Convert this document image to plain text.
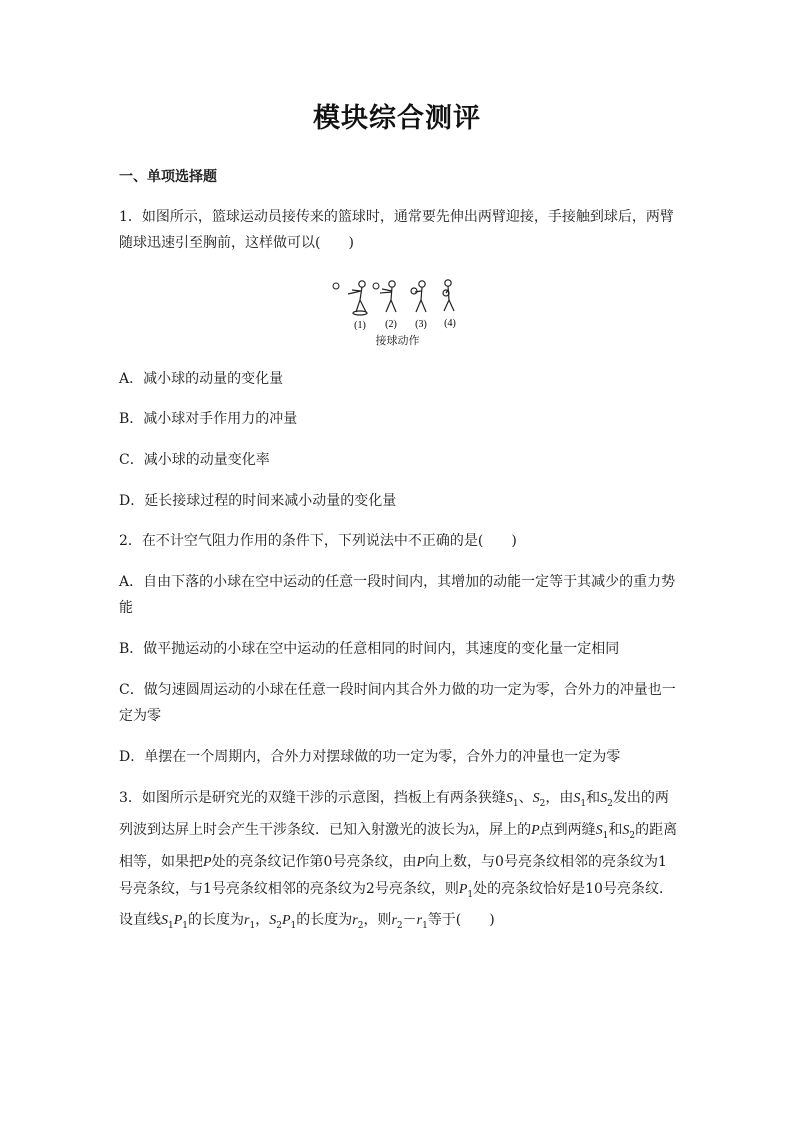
模块综合测评
一、单项选择题
1．如图所示，篮球运动员接传来的篮球时，通常要先伸出两臂迎接，手接触到球后，两臂随球迅速引至胸前，这样做可以(　　)
(1) (2) (3) (4)
接球动作
A．减小球的动量的变化量
B．减小球对手作用力的冲量
C．减小球的动量变化率
D．延长接球过程的时间来减小动量的变化量
2．在不计空气阻力作用的条件下，下列说法中不正确的是(　　)
A．自由下落的小球在空中运动的任意一段时间内，其增加的动能一定等于其减少的重力势能
B．做平抛运动的小球在空中运动的任意相同的时间内，其速度的变化量一定相同
C．做匀速圆周运动的小球在任意一段时间内其合外力做的功一定为零，合外力的冲量也一定为零
D．单摆在一个周期内，合外力对摆球做的功一定为零，合外力的冲量也一定为零
3．如图所示是研究光的双缝干涉的示意图，挡板上有两条狭缝$S_1$、$S_2$，由$S_1$和$S_2$发出的两列波到达屏上时会产生干涉条纹．已知入射激光的波长为λ，屏上的P点到两缝$S_1$和$S_2$的距离相等，如果把P处的亮条纹记作第0号亮条纹，由P向上数，与0号亮条纹相邻的亮条纹为1号亮条纹，与1号亮条纹相邻的亮条纹为2号亮条纹，则$P_1$处的亮条纹恰好是10号亮条纹．设直线$S_1P_1$的长度为$r_1$，$S_2P_1$的长度为$r_2$，则$r_2-r_1$等于(　　)
